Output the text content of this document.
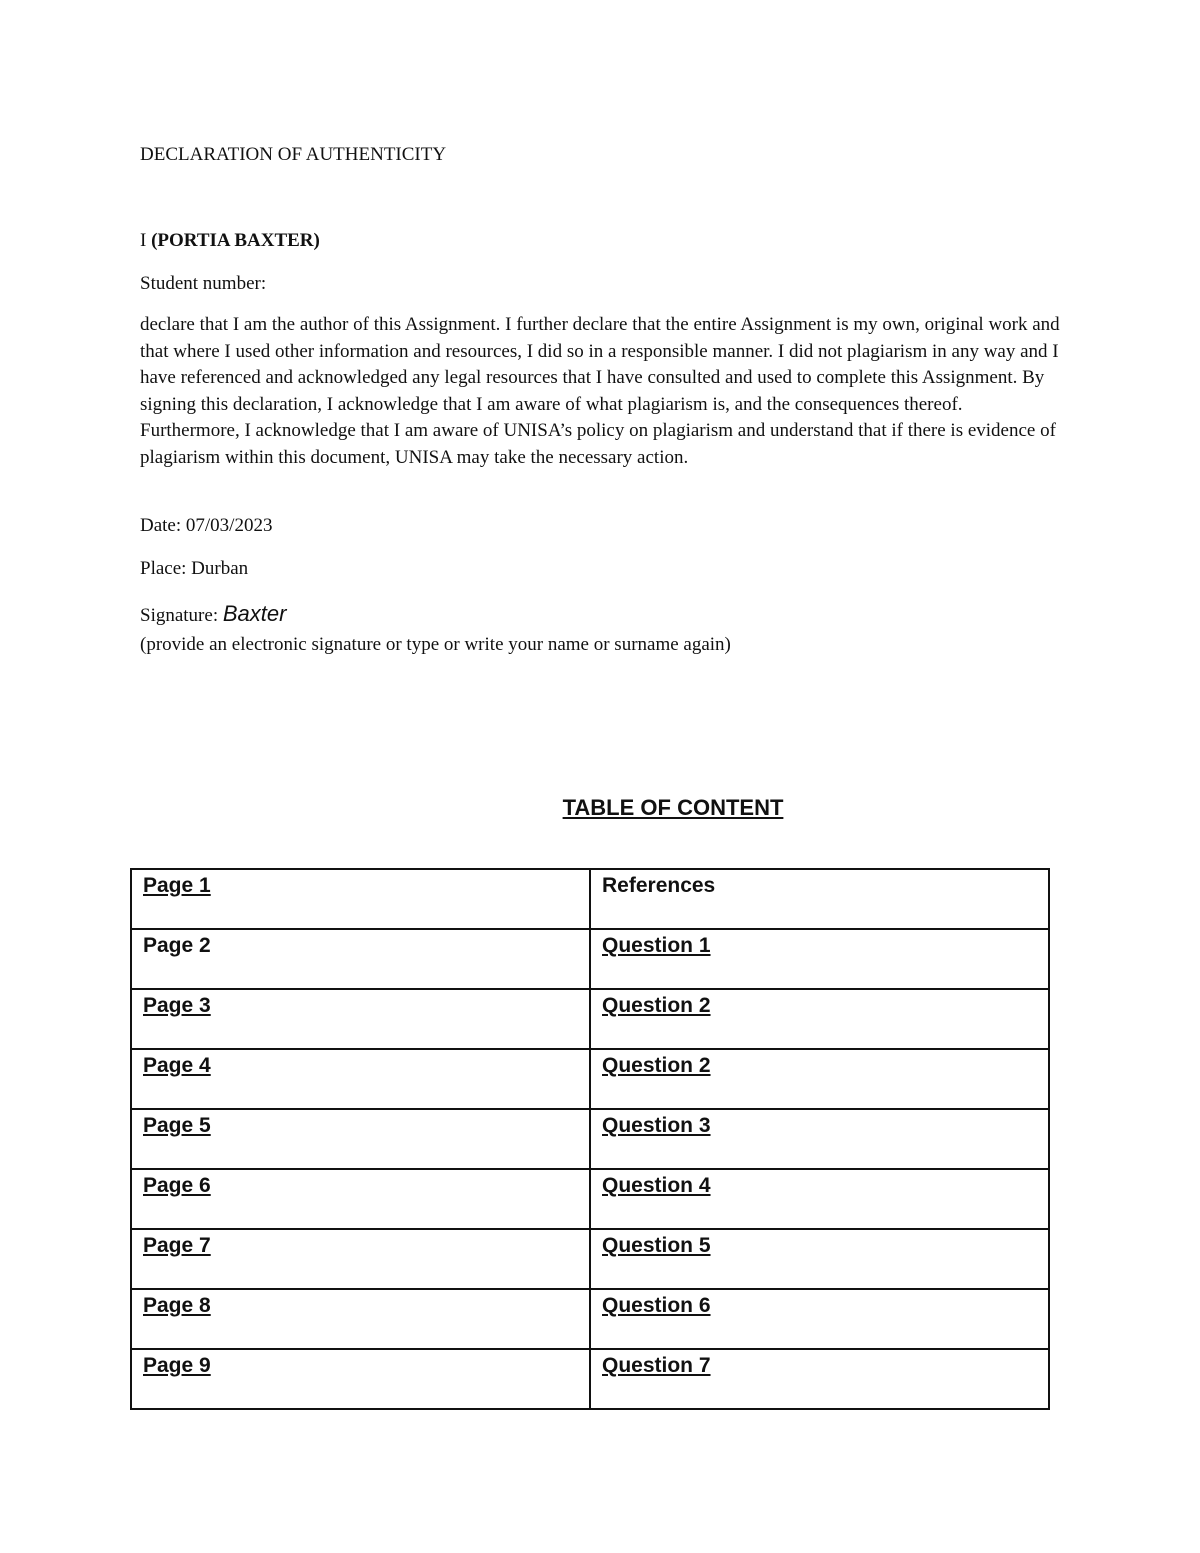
DECLARATION OF AUTHENTICITY

I (PORTIA BAXTER)

Student number:

declare that I am the author of this Assignment. I further declare that the entire Assignment is my own, original work and that where I used other information and resources, I did so in a responsible manner. I did not plagiarism in any way and I have referenced and acknowledged any legal resources that I have consulted and used to complete this Assignment. By signing this declaration, I acknowledge that I am aware of what plagiarism is, and the consequences thereof. Furthermore, I acknowledge that I am aware of UNISA’s policy on plagiarism and understand that if there is evidence of plagiarism within this document, UNISA may take the necessary action.

Date: 07/03/2023

Place: Durban

Signature: Baxter

(provide an electronic signature or type or write your name or surname again)

TABLE OF CONTENT

Page 1	References
Page 2	Question 1
Page 3	Question 2
Page 4	Question 2
Page 5	Question 3
Page 6	Question 4
Page 7	Question 5
Page 8	Question 6
Page 9	Question 7
